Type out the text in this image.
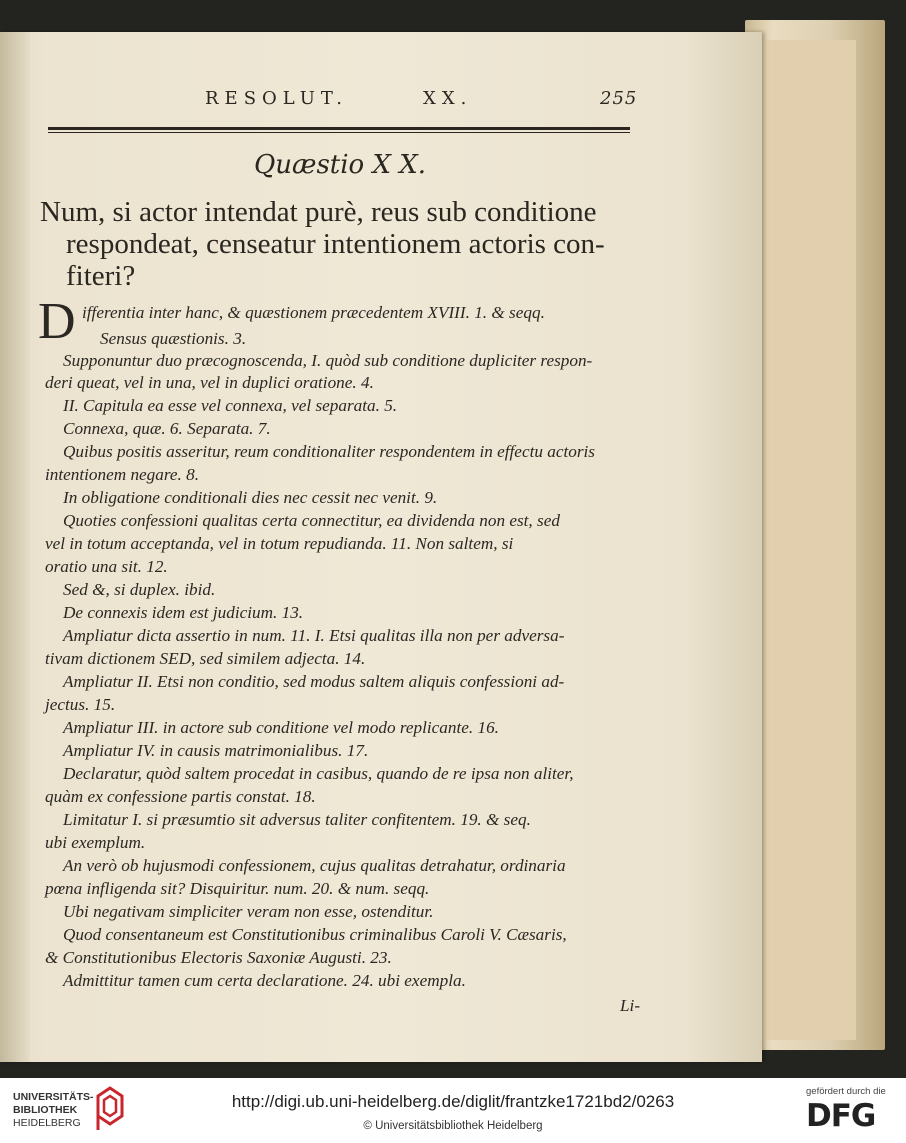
RESOLUT.	XX.	255
Quæstio X X.
Num, si actor intendat purè, reus sub conditione
respondeat, censeatur intentionem actoris con-
fiteri?
D ifferentia inter hanc, & quæstionem præcedentem XVIII. 1. & seqq.
Sensus quæstionis. 3.
Supponuntur duo præcognoscenda, I. quòd sub conditione dupliciter respon-
deri queat, vel in una, vel in duplici oratione. 4.
II. Capitula ea esse vel connexa, vel separata. 5.
Connexa, quæ. 6. Separata. 7.
Quibus positis asseritur, reum conditionaliter respondentem in effectu actoris
intentionem negare. 8.
In obligatione conditionali dies nec cessit nec venit. 9.
Quoties confessioni qualitas certa connectitur, ea dividenda non est, sed
vel in totum acceptanda, vel in totum repudianda. 11. Non saltem, si
oratio una sit. 12.
Sed &, si duplex. ibid.
De connexis idem est judicium. 13.
Ampliatur dicta assertio in num. 11. I. Etsi qualitas illa non per adversa-
tivam dictionem SED, sed similem adjecta. 14.
Ampliatur II. Etsi non conditio, sed modus saltem aliquis confessioni ad-
jectus. 15.
Ampliatur III. in actore sub conditione vel modo replicante. 16.
Ampliatur IV. in causis matrimonialibus. 17.
Declaratur, quòd saltem procedat in casibus, quando de re ipsa non aliter,
quàm ex confessione partis constat. 18.
Limitatur I. si præsumtio sit adversus taliter confitentem. 19. & seq.
ubi exemplum.
An verò ob hujusmodi confessionem, cujus qualitas detrahatur, ordinaria
pœna infligenda sit? Disquiritur. num. 20. & num. seqq.
Ubi negativam simpliciter veram non esse, ostenditur.
Quod consentaneum est Constitutionibus criminalibus Caroli V. Cæsaris,
& Constitutionibus Electoris Saxoniæ Augusti. 23.
Admittitur tamen cum certa declaratione. 24. ubi exempla.
Li-
UNIVERSITÄTS-
BIBLIOTHEK
HEIDELBERG
http://digi.ub.uni-heidelberg.de/diglit/frantzke1721bd2/0263
© Universitätsbibliothek Heidelberg
gefördert durch die
DFG
